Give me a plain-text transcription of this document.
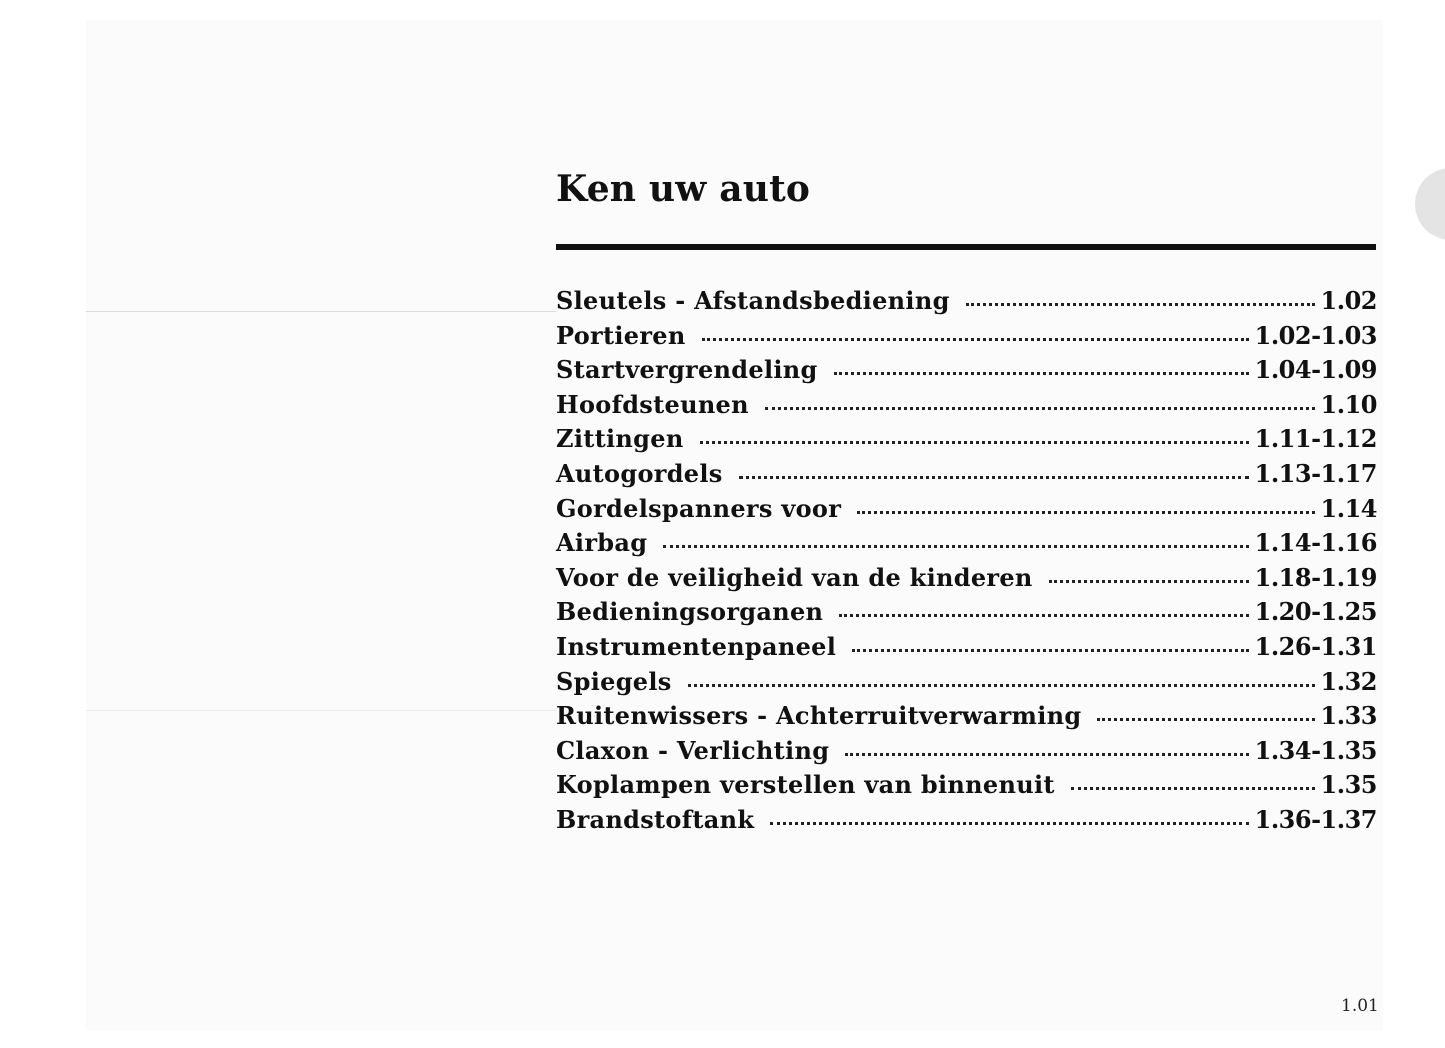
Ken uw auto
Sleutels - Afstandsbediening	1.02
Portieren	1.02-1.03
Startvergrendeling	1.04-1.09
Hoofdsteunen	1.10
Zittingen	1.11-1.12
Autogordels	1.13-1.17
Gordelspanners voor	1.14
Airbag	1.14-1.16
Voor de veiligheid van de kinderen	1.18-1.19
Bedieningsorganen	1.20-1.25
Instrumentenpaneel	1.26-1.31
Spiegels	1.32
Ruitenwissers - Achterruitverwarming	1.33
Claxon - Verlichting	1.34-1.35
Koplampen verstellen van binnenuit	1.35
Brandstoftank	1.36-1.37
1.01
